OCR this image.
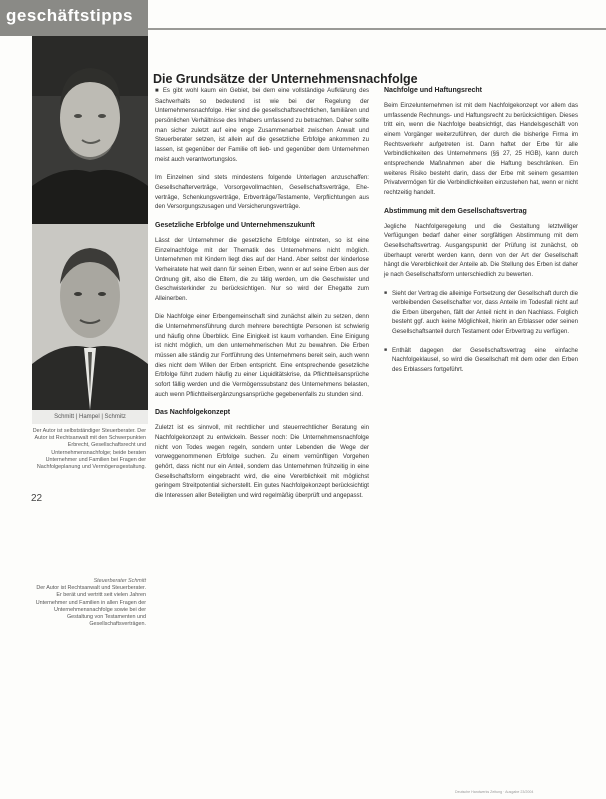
geschäftstipps
Schmitt | Hampel | Schmitz
Der Autor ist selbstständiger Steuerberater. Der Autor ist Rechtsanwalt mit den Schwerpunkten Erbrecht, Gesellschaftsrecht und Unternehmensnachfolge; beide beraten Unternehmer und Familien bei Fragen der Nachfolgeplanung und Vermögensgestaltung.
22
Steuerberater Schmitt
Der Autor ist Rechtsanwalt und Steuerberater. Er berät und vertritt seit vielen Jahren Unternehmer und Familien in allen Fragen der Unternehmensnachfolge sowie bei der Gestaltung von Testamenten und Gesellschaftsverträgen.
Die Grundsätze der Unternehmensnachfolge

■ Es gibt wohl kaum ein Gebiet, bei dem eine vollständige Aufklärung des Sachverhalts so bedeutend ist wie bei der Regelung der Unternehmensnachfolge. Hier sind die gesellschaftsrechtlichen, familiären und persönlichen Verhältnisse des Inhabers umfassend zu betrachten. Daher sollte man sicher zuletzt auf eine enge Zusammenarbeit zwischen Anwalt und Steuerberater setzen, ist allein auf die gesetzliche Erbfolge ankommen zu lassen, ist gegenüber der Familie oft lieb- und gegenüber dem Unternehmen meist auch verantwortungslos.

Im Einzelnen sind stets mindestens folgende Unterlagen anzuschaffen: Gesellschafterverträge, Vorsorgevollmachten, Gesellschaftsverträge, Ehe-verträge, Schenkungsverträge, Erbverträge/Testamente, Verpflichtungen aus den Versorgungszusagen und Versicherungsverträge.

Gesetzliche Erbfolge und Unternehmenszukunft

Lässt der Unternehmer die gesetzliche Erbfolge eintreten, so ist eine Einzelnachfolge mit der Thematik des Unternehmens nicht möglich. Unternehmen mit Kindern liegt dies auf der Hand. Aber selbst der kinderlose Verheiratete hat weit dann für seinen Erben, wenn er auf seine Erben aus der Ordnung gilt, also die Eltern, die zu tätig werden, um die Geschwister und Geschwisterkinder zu berücksichtigen. Nur so wird der Ehegatte zum Alleinerben.

Die Nachfolge einer Erbengemeinschaft sind zunächst allein zu setzen, denn die Unternehmensführung durch mehrere berechtigte Personen ist schwierig und häufig ohne Überblick. Eine Einigkeit ist kaum vorhanden. Eine Einigung ist nicht möglich, um den unternehmerischen Mut zu bewahren. Die Erben müssen alle ständig zur Fortführung des Unternehmens bereit sein, auch wenn dies nicht dem Willen der Erben entspricht. Eine entsprechende gesetzliche Erbfolge führt zudem häufig zu einer Liquiditätskrise, da Pflichtteilsansprüche sofort fällig werden und die Vermögenssubstanz des Unternehmens belasten, auch wenn Pflichtteilsergänzungsansprüche gegebenenfalls zu stunden sind.

Das Nachfolgekonzept

Zuletzt ist es sinnvoll, mit rechtlicher und steuerrechtlicher Beratung ein Nachfolgekonzept zu entwickeln. Besser noch: Die Unternehmensnachfolge nicht von Todes wegen regeln, sondern unter Lebenden die Wege der vorweggenommenen Erbfolge suchen. Zu einem vernünftigen Vorgehen gehört, dass nicht nur ein Anteil, sondern das Unternehmen frühzeitig in eine Gesellschaftsform eingebracht wird, die eine Vererblichkeit mit möglichst geringem Streitpotential sicherstellt. Ein gutes Nachfolgekonzept berücksichtigt die Interessen aller Beteiligten und wird regelmäßig überprüft und angepasst.

Nachfolge und Haftungsrecht

Beim Einzelunternehmen ist mit dem Nachfolgekonzept vor allem das umfassende Rechnungs- und Haftungsrecht zu berücksichtigen. Dieses tritt ein, wenn die Nachfolge beabsichtigt, das Handelsgeschäft von einem Vorgänger weiterzuführen, der durch die bisherige Firma im Rechtsverkehr aufgetreten ist. Dann haftet der Erbe für alle Verbindlichkeiten des Unternehmens (§§ 27, 25 HGB), kann durch entsprechende Maßnahmen aber die Haftung beschränken. Ein weiteres Risiko besteht darin, dass der Erbe mit seinem gesamten Privatvermögen für die Verbindlichkeiten einzustehen hat, wenn er nicht rechtzeitig handelt.

Abstimmung mit dem Gesellschaftsvertrag

Jegliche Nachfolgeregelung und die Gestaltung letztwilliger Verfügungen bedarf daher einer sorgfältigen Abstimmung mit dem Gesellschaftsvertrag. Ausgangspunkt der Prüfung ist zunächst, ob überhaupt vererbt werden kann, denn von der Art der Gesellschaft hängt die Vererblichkeit der Anteile ab. Die Stellung des Erben ist daher je nach Gesellschaftsform unterschiedlich zu bewerten.

■ Sieht der Vertrag die alleinige Fortsetzung der Gesellschaft durch die verbleibenden Gesellschafter vor, dass Anteile im Todesfall nicht auf die Erben übergehen, fällt der Anteil nicht in den Nachlass. Folglich besteht ggf. auch keine Möglichkeit, hierin an Erblasser oder seinen Gesellschaftsanteil durch Testament oder Erbvertrag zu verfügen.
■ Enthält dagegen der Gesellschaftsvertrag eine einfache Nachfolgeklausel, so wird die Gesellschaft mit dem oder den Erben des Erblassers fortgeführt.
Deutsche Handwerks Zeitung · Ausgabe 23/2004
